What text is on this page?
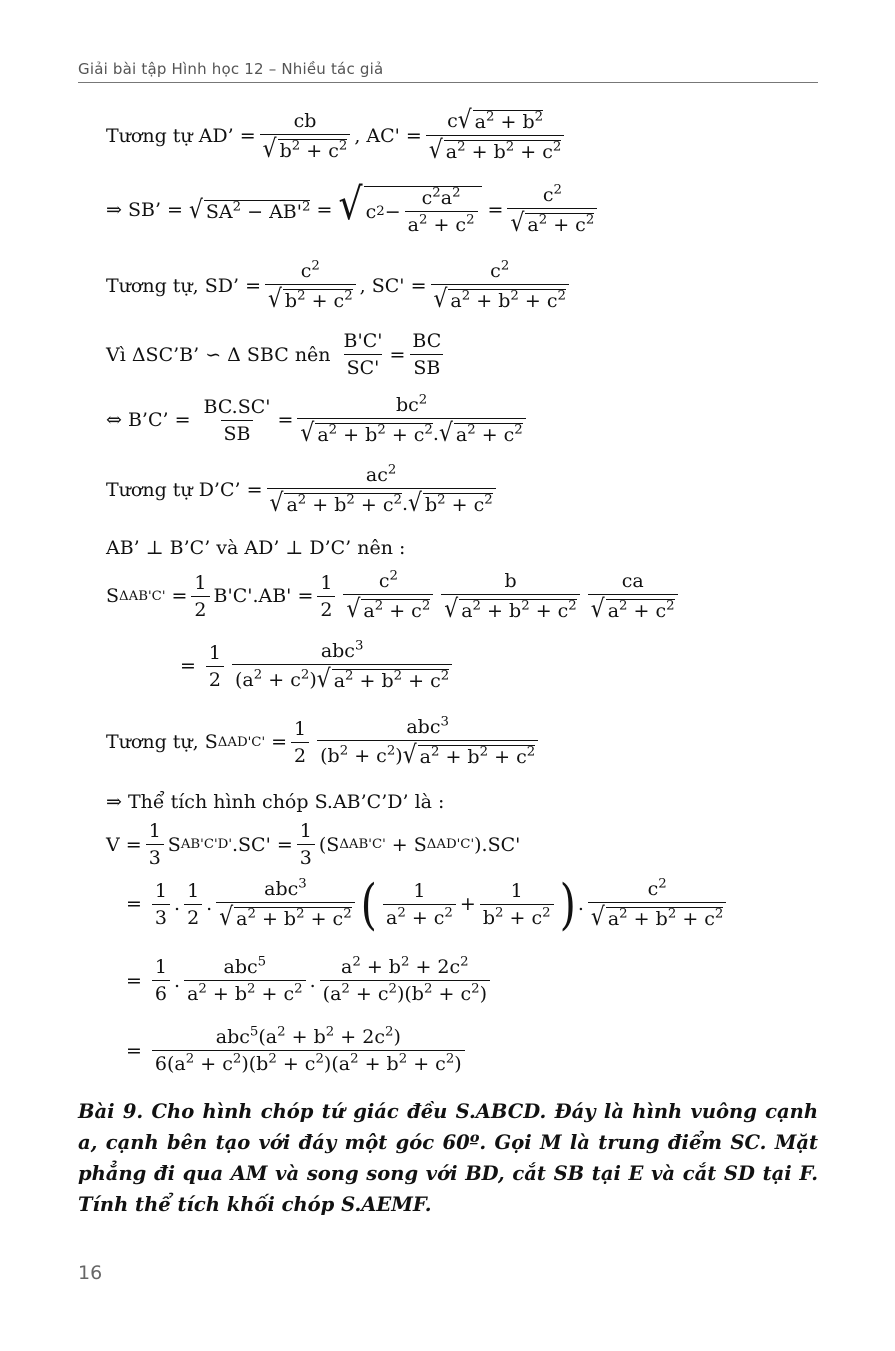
Giải bài tập Hình học 12 – Nhiều tác giả
Tương tự AD’ = $\frac{cb}{√ b^2 + c^2}$ , $AC' = \frac{c √ a^2 + b^2}{√ a^2 + b^2 + c^2}$
⇒ SB’ = √ $SA^2 - AB'^2$ = √ c $2 - \frac{c^2a^2}{a^2 + c^2} = \frac{c^2}{√ a^2 + c^2}$
Tương tự, SD’ = $\frac{c^2}{√ b^2 + c^2}$ , $SC' = \frac{c^2}{√ a^2 + b^2 + c^2}$
Vì ΔSC’B’ ∽ Δ SBC nên $\frac{B'C'}{SC'} = \frac{BC}{SB}$
⇔ B’C’ = $\frac{BC.SC'}{SB} = \frac{bc^2}{√ a^2 + b^2 + c^2 . √ a^2 + c^2}$
Tương tự D’C’ = $\frac{ac^2}{√ a^2 + b^2 + c^2 . √ b^2 + c^2}$
AB’ ⊥ B’C’ và AD’ ⊥ D’C’ nên :
S $\Delta AB'C' = \frac{1}{2} B'C'.AB' = \frac{1}{2} \frac{c^2}{√ a^2 + c^2} \frac{b}{√ a^2 + b^2 + c^2} \frac{ca}{√ a^2 + c^2}$
= $\frac{1}{2} \frac{abc^3}{(a^2 + c^2) √ a^2 + b^2 + c^2}$
Tương tự, S $\Delta AD'C' = \frac{1}{2} \frac{abc^3}{(b^2 + c^2) √ a^2 + b^2 + c^2}$
⇒ Thể tích hình chóp S.AB’C’D’ là :
$V = \frac{1}{3}$ S AB'C'D' $.SC' = \frac{1}{3} (S$ ΔAB'C' + S ΔAD'C' ).SC'
= $\frac{1}{3}$ . $\frac{1}{2}$ . $\frac{abc^3}{√ a^2 + b^2 + c^2}$ ( $\frac{1}{a^2 + c^2} + \frac{1}{b^2 + c^2}$ ) . $\frac{c^2}{√ a^2 + b^2 + c^2}$
= $\frac{1}{6}$ . $\frac{abc^5}{a^2 + b^2 + c^2}$ . $\frac{a^2 + b^2 + 2c^2}{(a^2 + c^2)(b^2 + c^2)}$
= $\frac{abc^5(a^2 + b^2 + 2c^2)}{6(a^2 + c^2)(b^2 + c^2)(a^2 + b^2 + c^2)}$
Bài 9. Cho hình chóp tứ giác đều S.ABCD. Đáy là hình vuông cạnh a, cạnh bên tạo với đáy một góc 60º. Gọi M là trung điểm SC. Mặt phẳng đi qua AM và song song với BD, cắt SB tại E và cắt SD tại F. Tính thể tích khối chóp S.AEMF.
16
